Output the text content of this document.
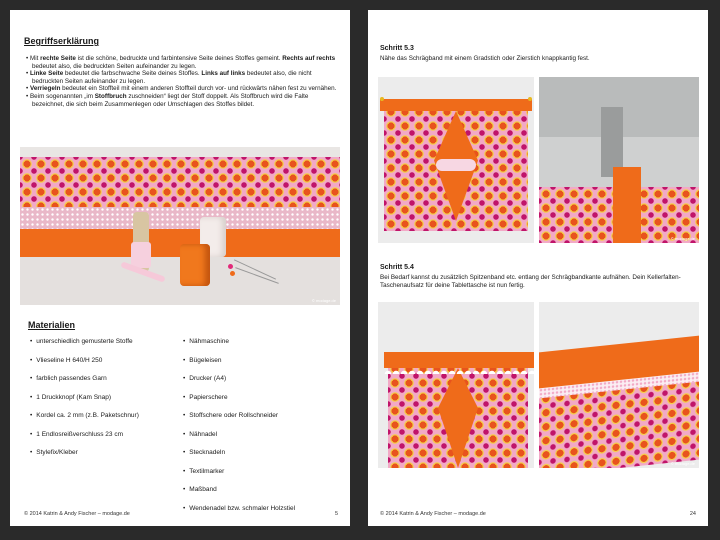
Begriffserklärung

• Mit rechte Seite ist die schöne, bedruckte und farbintensive Seite deines Stoffes gemeint. Rechts auf rechts bedeutet also, die bedruckten Seiten aufeinander zu legen.

• Linke Seite bedeutet die farbschwache Seite deines Stoffes. Links auf links bedeutet also, die nicht bedruckten Seiten aufeinander zu legen.

• Verriegeln bedeutet ein Stoffteil mit einem anderen Stoffteil durch vor- und rückwärts nähen fest zu vernähen.

• Beim sogenannten „im Stoffbruch zuschneiden“ liegt der Stoff doppelt. Als Stoffbruch wird die Falte bezeichnet, die sich beim Zusammenlegen oder Umschlagen des Stoffes bildet.

© modage.de
Materialien
• unterschiedlich gemusterte Stoffe
• Vlieseline H 640/H 250
• farblich passendes Garn
• 1 Druckknopf (Kam Snap)
• Kordel ca. 2 mm (z.B. Paketschnur)
• 1 Endlosreißverschluss 23 cm
• Stylefix/Kleber
• Nähmaschine
• Bügeleisen
• Drucker (A4)
• Papierschere
• Stoffschere oder Rollschneider
• Nähnadel
• Stecknadeln
• Textilmarker
• Maßband
• Wendenadel bzw. schmaler Holzstiel
© 2014 Katrin & Andy Fischer – modage.de	5
Schritt 5.3
Nähe das Schrägband mit einem Gradstich oder Zierstich knappkantig fest.
© modage.de
Schritt 5.4
Bei Bedarf kannst du zusätzlich Spitzenband etc. entlang der Schrägbandkante aufnähen. Dein Kellerfalten-Taschenaufsatz für deine Tablettasche ist nun fertig.
© modage.de
© 2014 Katrin & Andy Fischer – modage.de	24
